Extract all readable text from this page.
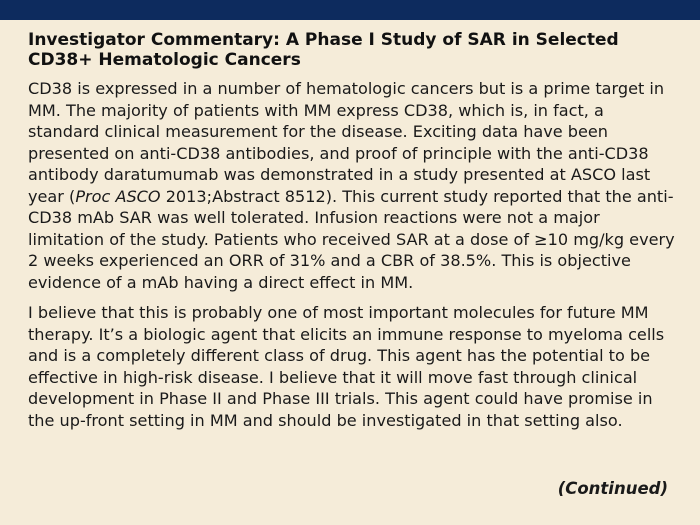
Investigator Commentary: A Phase I Study of SAR in Selected CD38+ Hematologic Cancers

CD38 is expressed in a number of hematologic cancers but is a prime target in MM. The majority of patients with MM express CD38, which is, in fact, a standard clinical measurement for the disease. Exciting data have been presented on anti-CD38 antibodies, and proof of principle with the anti-CD38 antibody daratumumab was demonstrated in a study presented at ASCO last year (Proc ASCO 2013;Abstract 8512). This current study reported that the anti-CD38 mAb SAR was well tolerated. Infusion reactions were not a major limitation of the study. Patients who received SAR at a dose of ≥10 mg/kg every 2 weeks experienced an ORR of 31% and a CBR of 38.5%. This is objective evidence of a mAb having a direct effect in MM.

I believe that this is probably one of most important molecules for future MM therapy. It’s a biologic agent that elicits an immune response to myeloma cells and is a completely different class of drug. This agent has the potential to be effective in high-risk disease. I believe that it will move fast through clinical development in Phase II and Phase III trials. This agent could have promise in the up-front setting in MM and should be investigated in that setting also.

(Continued)
